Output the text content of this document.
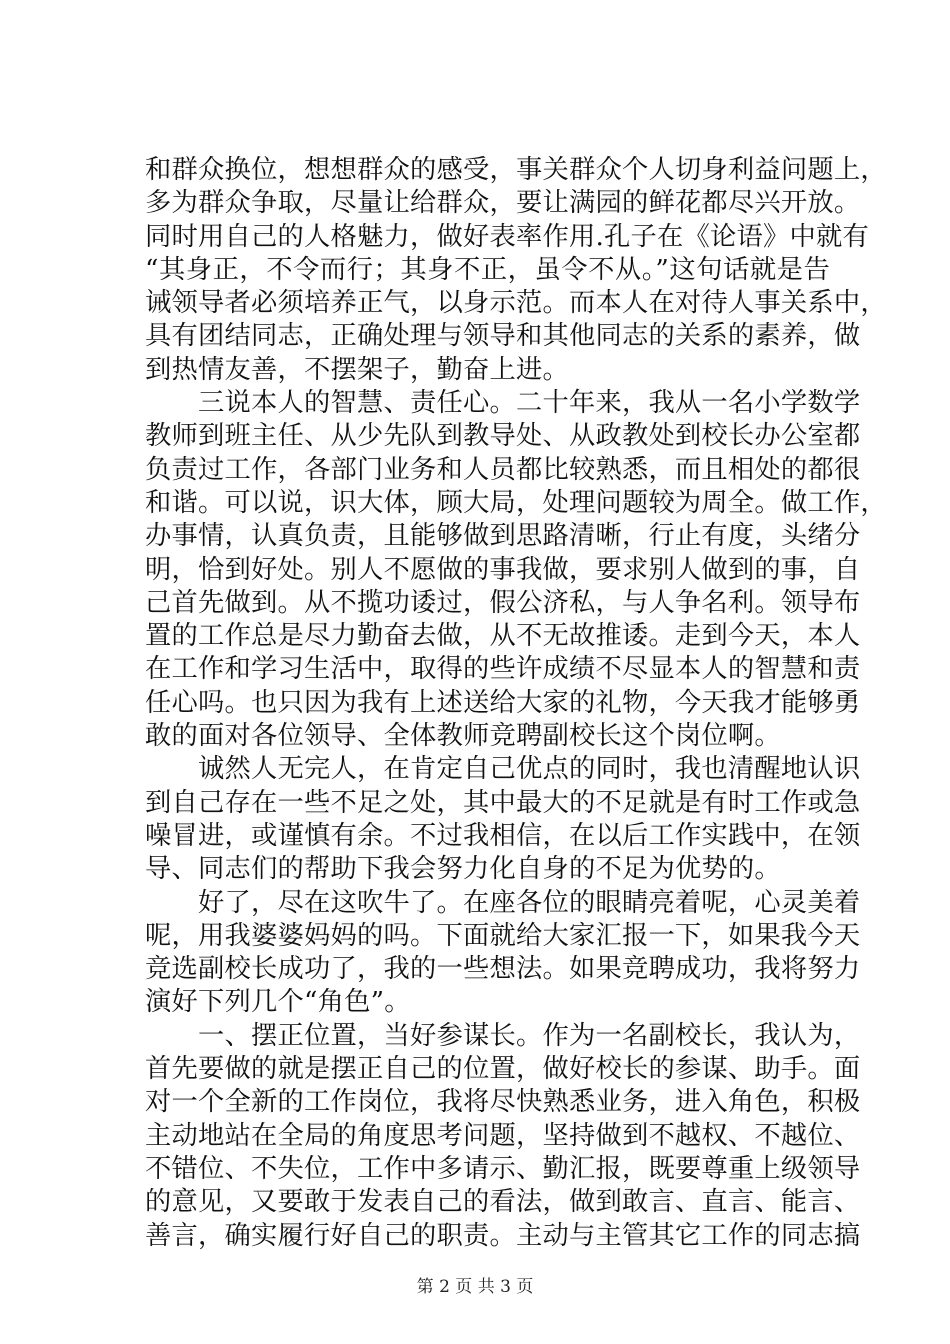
和群众换位，想想群众的感受，事关群众个人切身利益问题上，
多为群众争取，尽量让给群众，要让满园的鲜花都尽兴开放。
同时用自己的人格魅力，做好表率作用.孔子在《论语》中就有
“其身正，不令而行；其身不正，虽令不从。”这句话就是告
诫领导者必须培养正气，以身示范。而本人在对待人事关系中，
具有团结同志，正确处理与领导和其他同志的关系的素养，做
到热情友善，不摆架子，勤奋上进。
　　三说本人的智慧、责任心。二十年来，我从一名小学数学
教师到班主任、从少先队到教导处、从政教处到校长办公室都
负责过工作，各部门业务和人员都比较熟悉，而且相处的都很
和谐。可以说，识大体，顾大局，处理问题较为周全。做工作，
办事情，认真负责，且能够做到思路清晰，行止有度，头绪分
明，恰到好处。别人不愿做的事我做，要求别人做到的事，自
己首先做到。从不揽功诿过，假公济私，与人争名利。领导布
置的工作总是尽力勤奋去做，从不无故推诿。走到今天，本人
在工作和学习生活中，取得的些许成绩不尽显本人的智慧和责
任心吗。也只因为我有上述送给大家的礼物，今天我才能够勇
敢的面对各位领导、全体教师竞聘副校长这个岗位啊。
　　诚然人无完人，在肯定自己优点的同时，我也清醒地认识
到自己存在一些不足之处，其中最大的不足就是有时工作或急
噪冒进，或谨慎有余。不过我相信，在以后工作实践中，在领
导、同志们的帮助下我会努力化自身的不足为优势的。
　　好了，尽在这吹牛了。在座各位的眼睛亮着呢，心灵美着
呢，用我婆婆妈妈的吗。下面就给大家汇报一下，如果我今天
竞选副校长成功了，我的一些想法。如果竞聘成功，我将努力
演好下列几个“角色”。
　　一、摆正位置，当好参谋长。作为一名副校长，我认为，
首先要做的就是摆正自己的位置，做好校长的参谋、助手。面
对一个全新的工作岗位，我将尽快熟悉业务，进入角色，积极
主动地站在全局的角度思考问题，坚持做到不越权、不越位、
不错位、不失位，工作中多请示、勤汇报，既要尊重上级领导
的意见，又要敢于发表自己的看法，做到敢言、直言、能言、
善言，确实履行好自己的职责。主动与主管其它工作的同志搞
第 2 页 共 3 页
